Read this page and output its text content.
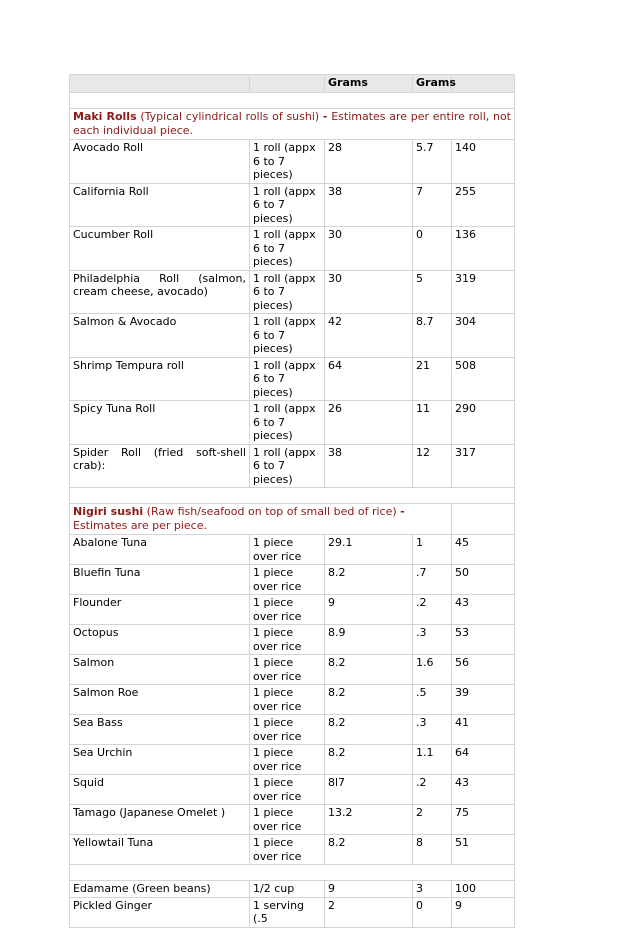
		Grams	Grams	

Maki Rolls (Typical cylindrical rolls of sushi) - Estimates are per entire roll, not each individual piece.				
Avocado Roll	1 roll (appx 6 to 7 pieces)	28	5.7	140
California Roll	1 roll (appx 6 to 7 pieces)	38	7	255
Cucumber Roll	1 roll (appx 6 to 7 pieces)	30	0	136
Philadelphia Roll (salmon, cream cheese, avocado)	1 roll (appx 6 to 7 pieces)	30	5	319
Salmon & Avocado	1 roll (appx 6 to 7 pieces)	42	8.7	304
Shrimp Tempura roll	1 roll (appx 6 to 7 pieces)	64	21	508
Spicy Tuna Roll	1 roll (appx 6 to 7 pieces)	26	11	290
Spider Roll (fried soft-shell crab):	1 roll (appx 6 to 7 pieces)	38	12	317

Nigiri sushi (Raw fish/seafood on top of small bed of rice) - Estimates are per piece.				
Abalone Tuna	1 piece over rice	29.1	1	45
Bluefin Tuna	1 piece over rice	8.2	.7	50
Flounder	1 piece over rice	9	.2	43
Octopus	1 piece over rice	8.9	.3	53
Salmon	1 piece over rice	8.2	1.6	56
Salmon Roe	1 piece over rice	8.2	.5	39
Sea Bass	1 piece over rice	8.2	.3	41
Sea Urchin	1 piece over rice	8.2	1.1	64
Squid	1 piece over rice	8l7	.2	43
Tamago (Japanese Omelet )	1 piece over rice	13.2	2	75
Yellowtail Tuna	1 piece over rice	8.2	8	51

Edamame (Green beans)	1/2 cup	9	3	100
Pickled Ginger	1 serving (.5	2	0	9
